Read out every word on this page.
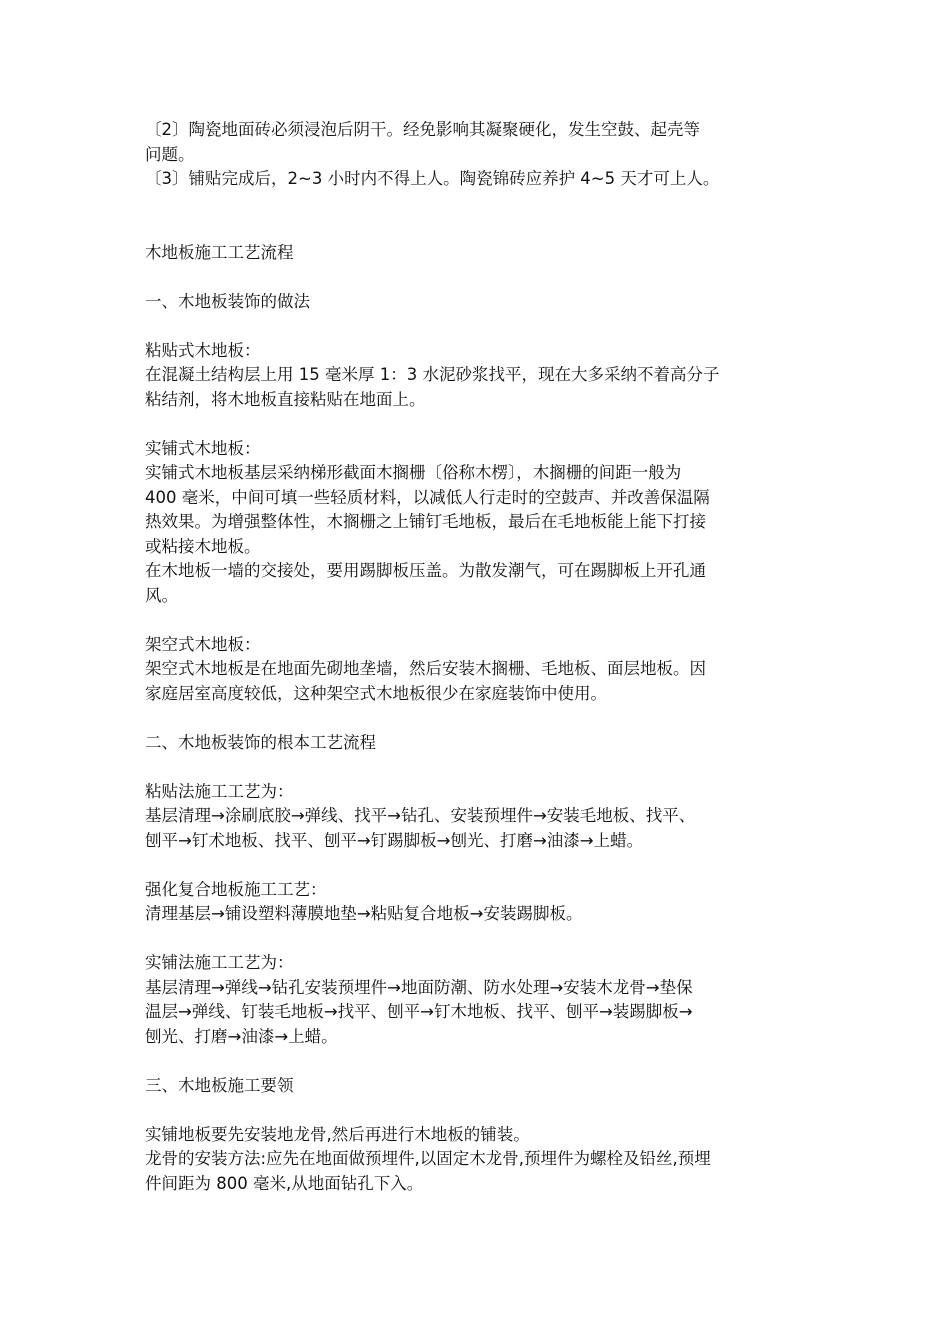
〔2〕陶瓷地面砖必须浸泡后阴干。经免影响其凝聚硬化，发生空鼓、起壳等
问题。
〔3〕铺贴完成后，2~3 小时内不得上人。陶瓷锦砖应养护 4~5 天才可上人。
木地板施工工艺流程
一、木地板装饰的做法
粘贴式木地板：
在混凝土结构层上用 15 毫米厚 1：3 水泥砂浆找平，现在大多采纳不着高分子
粘结剂，将木地板直接粘贴在地面上。
实铺式木地板：
实铺式木地板基层采纳梯形截面木搁栅〔俗称木楞〕，木搁栅的间距一般为
400 毫米，中间可填一些轻质材料，以减低人行走时的空鼓声、并改善保温隔
热效果。为增强整体性，木搁栅之上铺钉毛地板，最后在毛地板能上能下打接
或粘接木地板。
在木地板一墙的交接处，要用踢脚板压盖。为散发潮气，可在踢脚板上开孔通
风。
架空式木地板：
架空式木地板是在地面先砌地垄墙，然后安装木搁栅、毛地板、面层地板。因
家庭居室高度较低，这种架空式木地板很少在家庭装饰中使用。
二、木地板装饰的根本工艺流程
粘贴法施工工艺为：
基层清理→涂刷底胶→弹线、找平→钻孔、安装预埋件→安装毛地板、找平、
刨平→钉术地板、找平、刨平→钉踢脚板→刨光、打磨→油漆→上蜡。
强化复合地板施工工艺：
清理基层→铺设塑料薄膜地垫→粘贴复合地板→安装踢脚板。
实铺法施工工艺为：
基层清理→弹线→钻孔安装预埋件→地面防潮、防水处理→安装木龙骨→垫保
温层→弹线、钉装毛地板→找平、刨平→钉木地板、找平、刨平→装踢脚板→
刨光、打磨→油漆→上蜡。
三、木地板施工要领
实铺地板要先安装地龙骨,然后再进行木地板的铺装。
龙骨的安装方法:应先在地面做预埋件,以固定木龙骨,预埋件为螺栓及铅丝,预埋
件间距为 800 毫米,从地面钻孔下入。
